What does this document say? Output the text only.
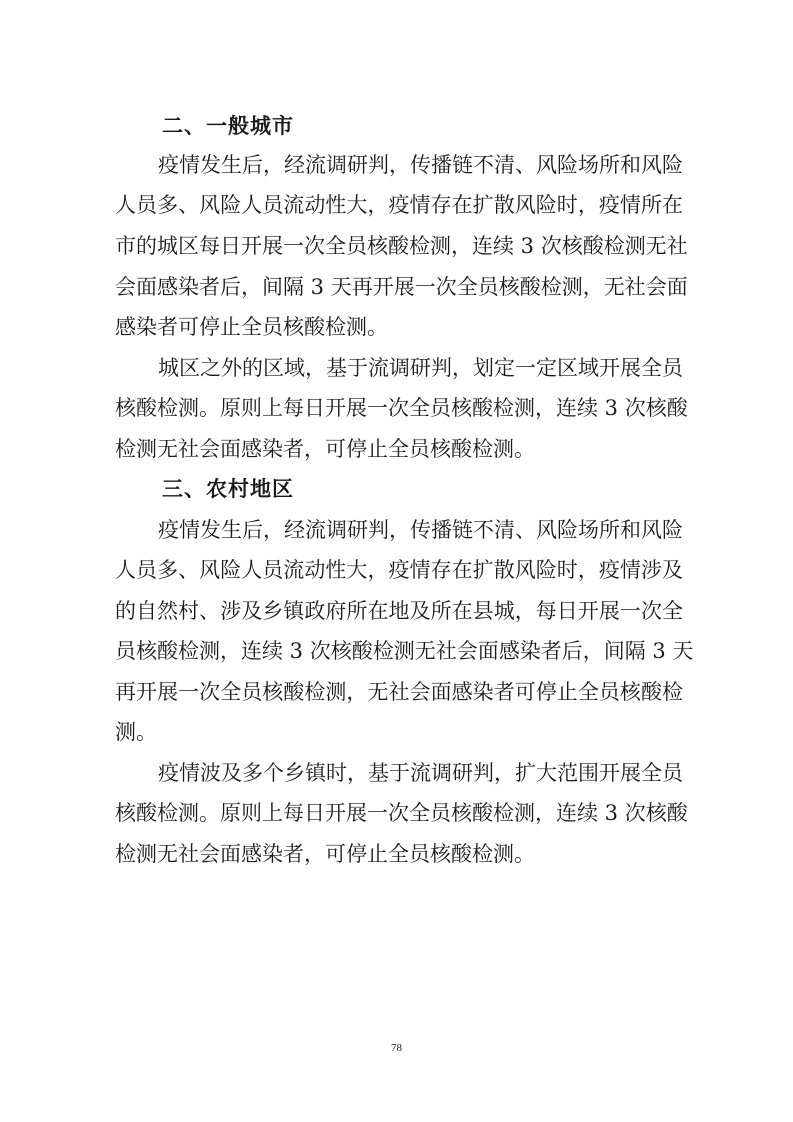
二、一般城市
疫情发生后，经流调研判，传播链不清、风险场所和风险
人员多、风险人员流动性大，疫情存在扩散风险时，疫情所在
市的城区每日开展一次全员核酸检测，连续 3 次核酸检测无社
会面感染者后，间隔 3 天再开展一次全员核酸检测，无社会面
感染者可停止全员核酸检测。
城区之外的区域，基于流调研判，划定一定区域开展全员
核酸检测。原则上每日开展一次全员核酸检测，连续 3 次核酸
检测无社会面感染者，可停止全员核酸检测。
三、农村地区
疫情发生后，经流调研判，传播链不清、风险场所和风险
人员多、风险人员流动性大，疫情存在扩散风险时，疫情涉及
的自然村、涉及乡镇政府所在地及所在县城，每日开展一次全
员核酸检测，连续 3 次核酸检测无社会面感染者后，间隔 3 天
再开展一次全员核酸检测，无社会面感染者可停止全员核酸检
测。
疫情波及多个乡镇时，基于流调研判，扩大范围开展全员
核酸检测。原则上每日开展一次全员核酸检测，连续 3 次核酸
检测无社会面感染者，可停止全员核酸检测。
78
